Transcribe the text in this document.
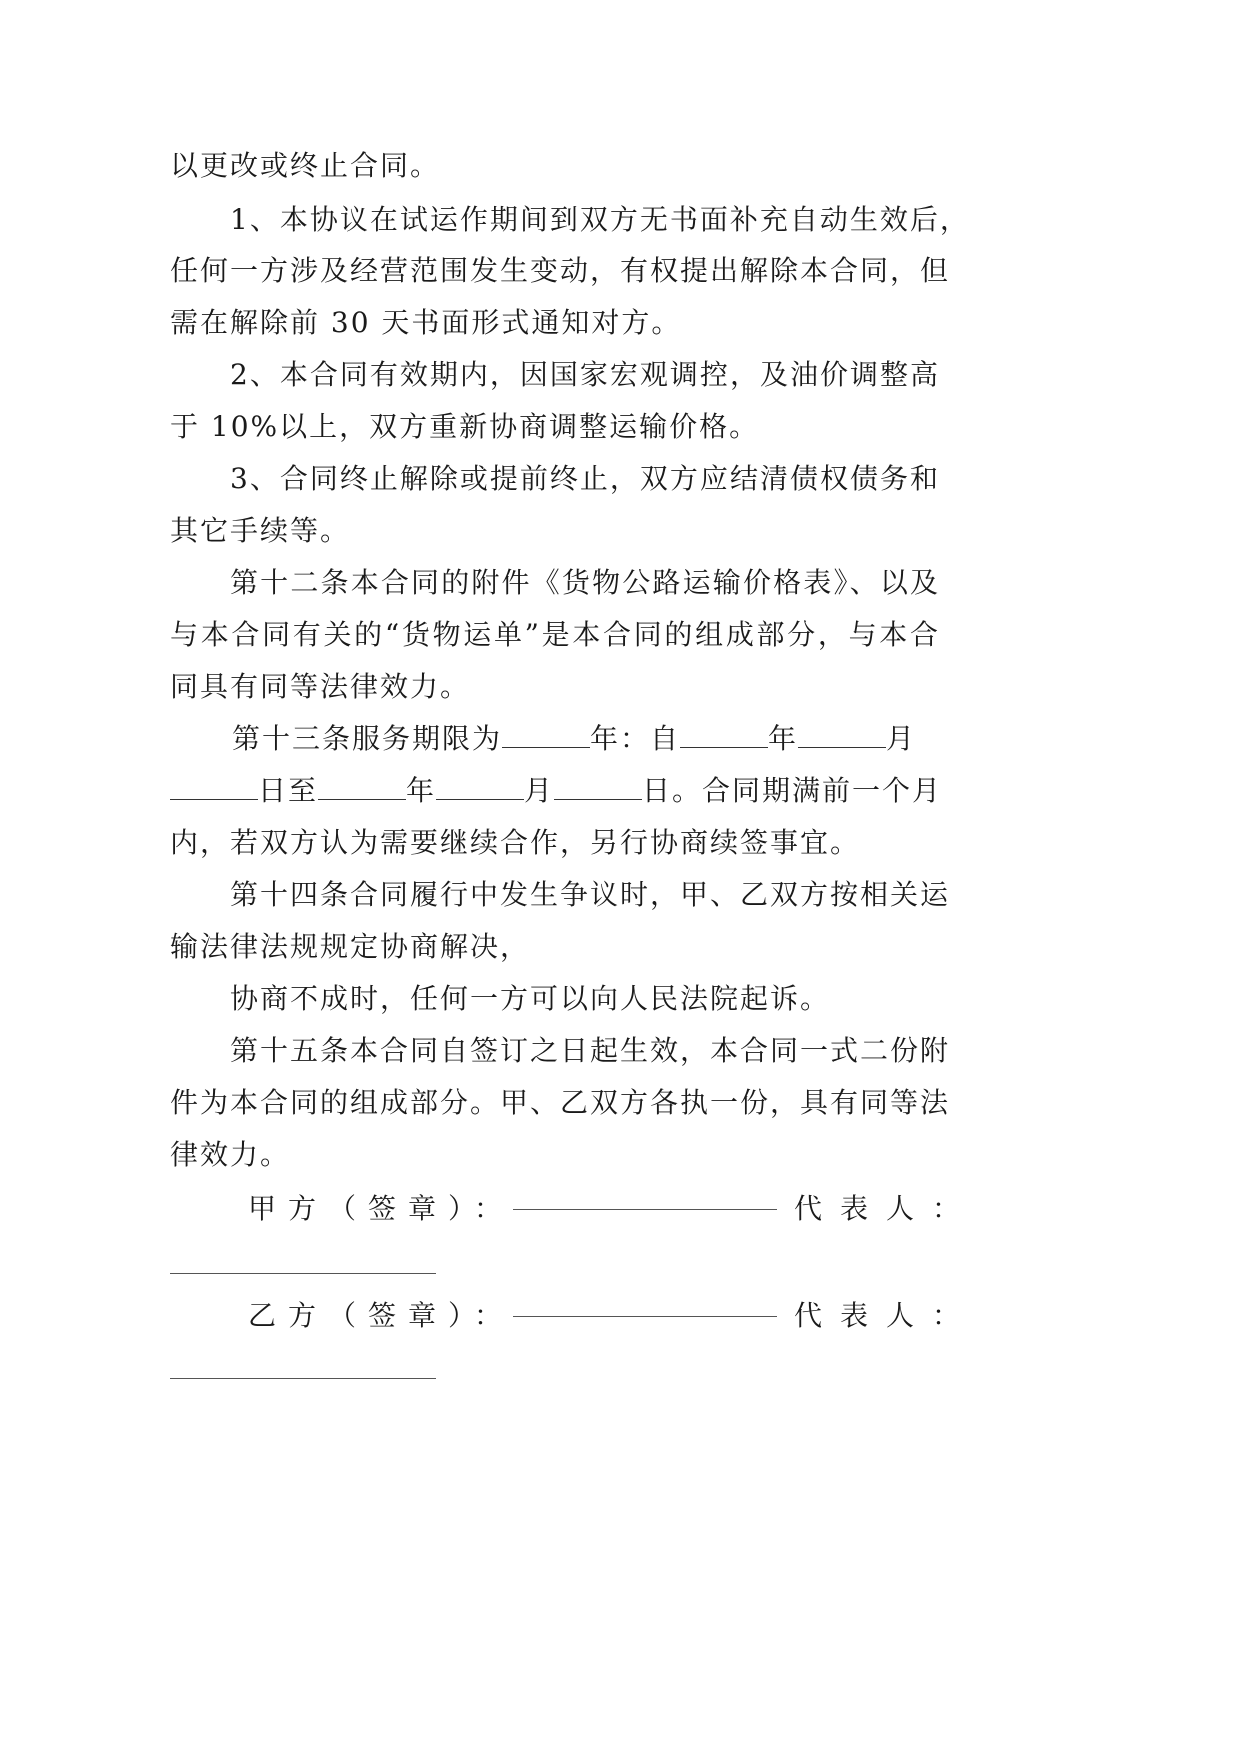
以更改或终止合同。
1、本协议在试运作期间到双方无书面补充自动生效后，
任何一方涉及经营范围发生变动，有权提出解除本合同，但
需在解除前 30 天书面形式通知对方。
2、本合同有效期内，因国家宏观调控，及油价调整高
于 10%以上，双方重新协商调整运输价格。
3、合同终止解除或提前终止，双方应结清债权债务和
其它手续等。
第十二条本合同的附件《货物公路运输价格表》、以及
与本合同有关的“货物运单”是本合同的组成部分，与本合
同具有同等法律效力。
第十三条服务期限为	年：自	年	月
日至	年	月	日。合同期满前一个月
内，若双方认为需要继续合作，另行协商续签事宜。
第十四条合同履行中发生争议时，甲、乙双方按相关运
输法律法规规定协商解决，
协商不成时，任何一方可以向人民法院起诉。
第十五条本合同自签订之日起生效，本合同一式二份附
件为本合同的组成部分。甲、乙双方各执一份，具有同等法
律效力。
甲方（签章）：	代表人：
乙方（签章）：	代表人：
